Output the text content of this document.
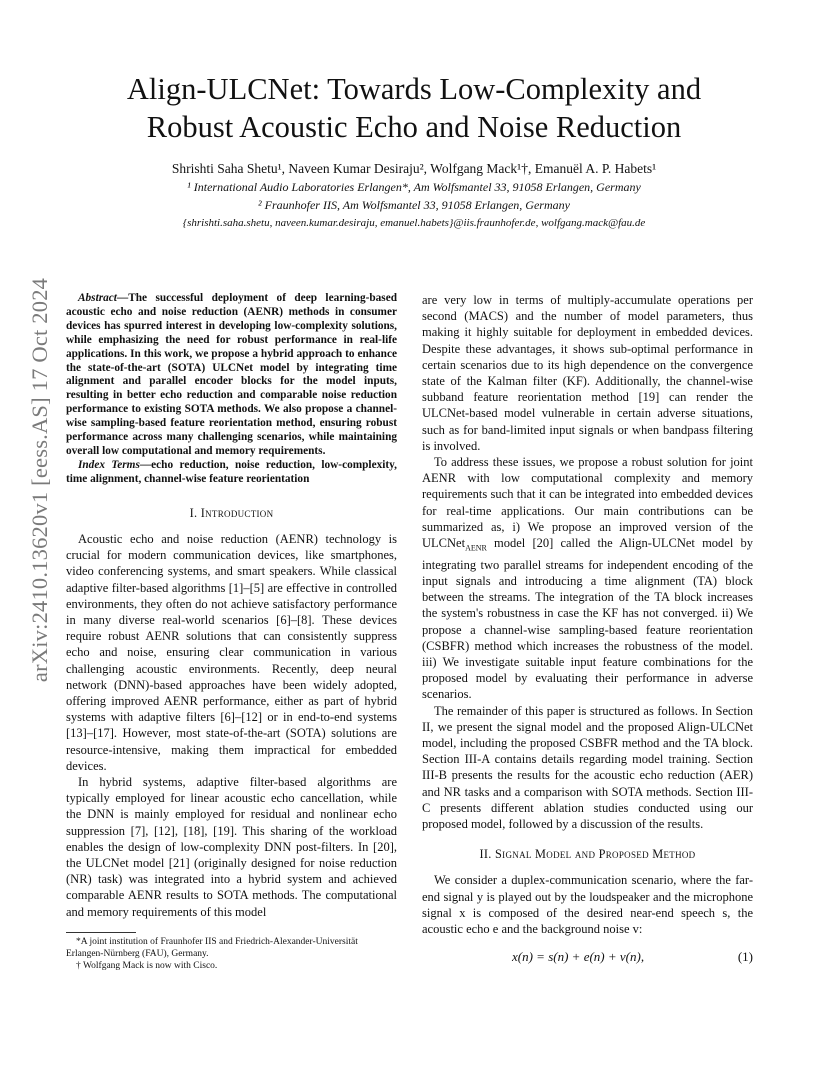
arXiv:2410.13620v1 [eess.AS] 17 Oct 2024
Align-ULCNet: Towards Low-Complexity and
Robust Acoustic Echo and Noise Reduction
Shrishti Saha Shetu¹, Naveen Kumar Desiraju², Wolfgang Mack¹†, Emanuël A. P. Habets¹
¹ International Audio Laboratories Erlangen*, Am Wolfsmantel 33, 91058 Erlangen, Germany
² Fraunhofer IIS, Am Wolfsmantel 33, 91058 Erlangen, Germany
{shrishti.saha.shetu, naveen.kumar.desiraju, emanuel.habets}@iis.fraunhofer.de, wolfgang.mack@fau.de

Abstract—The successful deployment of deep learning-based acoustic echo and noise reduction (AENR) methods in consumer devices has spurred interest in developing low-complexity solutions, while emphasizing the need for robust performance in real-life applications. In this work, we propose a hybrid approach to enhance the state-of-the-art (SOTA) ULCNet model by integrating time alignment and parallel encoder blocks for the model inputs, resulting in better echo reduction and comparable noise reduction performance to existing SOTA methods. We also propose a channel-wise sampling-based feature reorientation method, ensuring robust performance across many challenging scenarios, while maintaining overall low computational and memory requirements.

Index Terms—echo reduction, noise reduction, low-complexity, time alignment, channel-wise feature reorientation

I. Introduction

Acoustic echo and noise reduction (AENR) technology is crucial for modern communication devices, like smartphones, video conferencing systems, and smart speakers. While classical adaptive filter-based algorithms [1]–[5] are effective in controlled environments, they often do not achieve satisfactory performance in many diverse real-world scenarios [6]–[8]. These devices require robust AENR solutions that can consistently suppress echo and noise, ensuring clear communication in various challenging acoustic environments. Recently, deep neural network (DNN)-based approaches have been widely adopted, offering improved AENR performance, either as part of hybrid systems with adaptive filters [6]–[12] or in end-to-end systems [13]–[17]. However, most state-of-the-art (SOTA) solutions are resource-intensive, making them impractical for embedded devices.

In hybrid systems, adaptive filter-based algorithms are typically employed for linear acoustic echo cancellation, while the DNN is mainly employed for residual and nonlinear echo suppression [7], [12], [18], [19]. This sharing of the workload enables the design of low-complexity DNN post-filters. In [20], the ULCNet model [21] (originally designed for noise reduction (NR) task) was integrated into a hybrid system and achieved comparable AENR results to SOTA methods. The computational and memory requirements of this model

*A joint institution of Fraunhofer IIS and Friedrich-Alexander-Universität Erlangen-Nürnberg (FAU), Germany.

† Wolfgang Mack is now with Cisco.

are very low in terms of multiply-accumulate operations per second (MACS) and the number of model parameters, thus making it highly suitable for deployment in embedded devices. Despite these advantages, it shows sub-optimal performance in certain scenarios due to its high dependence on the convergence state of the Kalman filter (KF). Additionally, the channel-wise subband feature reorientation method [19] can render the ULCNet-based model vulnerable in certain adverse situations, such as for band-limited input signals or when bandpass filtering is involved.

To address these issues, we propose a robust solution for joint AENR with low computational complexity and memory requirements such that it can be integrated into embedded devices for real-time applications. Our main contributions can be summarized as, i) We propose an improved version of the ULCNet$_{AENR}$ model [20] called the Align-ULCNet model by integrating two parallel streams for independent encoding of the input signals and introducing a time alignment (TA) block between the streams. The integration of the TA block increases the system's robustness in case the KF has not converged. ii) We propose a channel-wise sampling-based feature reorientation (CSBFR) method which increases the robustness of the model. iii) We investigate suitable input feature combinations for the proposed model by evaluating their performance in adverse scenarios.

The remainder of this paper is structured as follows. In Section II, we present the signal model and the proposed Align-ULCNet model, including the proposed CSBFR method and the TA block. Section III-A contains details regarding model training. Section III-B presents the results for the acoustic echo reduction (AER) and NR tasks and a comparison with SOTA methods. Section III-C presents different ablation studies conducted using our proposed model, followed by a discussion of the results.

II. Signal Model and Proposed Method

We consider a duplex-communication scenario, where the far-end signal y is played out by the loudspeaker and the microphone signal x is composed of the desired near-end speech s, the acoustic echo e and the background noise v:

x(n) = s(n) + e(n) + v(n),	(1)
